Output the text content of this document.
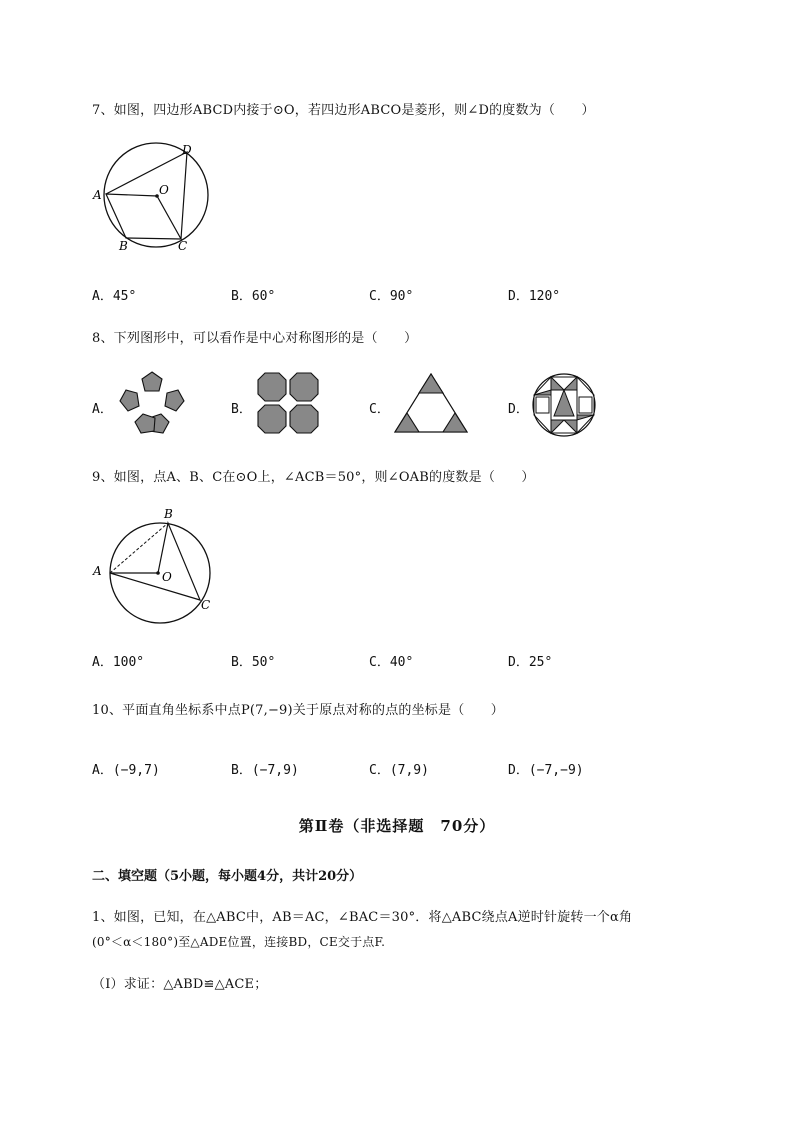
7、如图，四边形ABCD内接于⊙O，若四边形ABCO是菱形，则∠D的度数为（　　）
A
B	C
D
O
A．45°	B．60°	C．90°	D．120°
8、下列图形中，可以看作是中心对称图形的是（　　）
A．	B．	C．	D．
9、如图，点A、B、C在⊙O上，∠ACB＝50°，则∠OAB的度数是（　　）
A
B
C
O
A．100°	B．50°	C．40°	D．25°
10、平面直角坐标系中点P(7,−9)关于原点对称的点的坐标是（　　）
A．(−9,7)	B．(−7,9)	C．(7,9)	D．(−7,−9)
第Ⅱ卷（非选择题　70分）
二、填空题（5小题，每小题4分，共计20分）
1、如图，已知，在△ABC中，AB＝AC，∠BAC＝30°．将△ABC绕点A逆时针旋转一个α角
(0°＜α＜180°)至△ADE位置，连接BD，CE交于点F.
（I）求证：△ABD≌△ACE；
